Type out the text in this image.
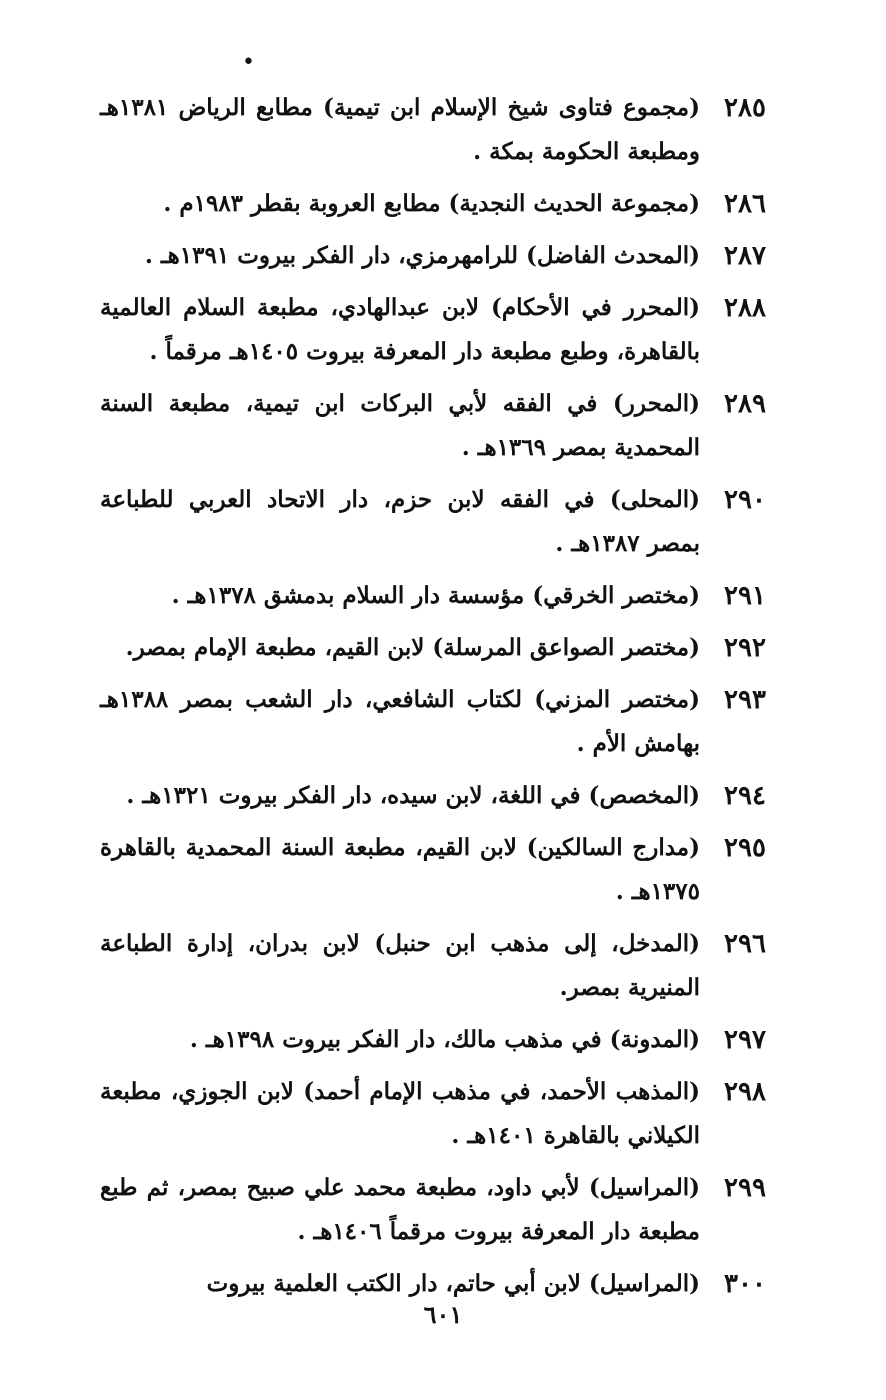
•
٢٨٥
(مجموع فتاوى شيخ الإسلام ابن تيمية) مطابع الرياض ١٣٨١هـ ومطبعة الحكومة بمكة .
٢٨٦
(مجموعة الحديث النجدية) مطابع العروبة بقطر ١٩٨٣م .
٢٨٧
(المحدث الفاضل) للرامهرمزي، دار الفكر بيروت ١٣٩١هـ .
٢٨٨
(المحرر في الأحكام) لابن عبدالهادي، مطبعة السلام العالمية بالقاهرة، وطبع مطبعة دار المعرفة بيروت ١٤٠٥هـ مرقماً .
٢٨٩
(المحرر) في الفقه لأبي البركات ابن تيمية، مطبعة السنة المحمدية بمصر ١٣٦٩هـ .
٢٩٠
(المحلى) في الفقه لابن حزم، دار الاتحاد العربي للطباعة بمصر ١٣٨٧هـ .
٢٩١
(مختصر الخرقي) مؤسسة دار السلام بدمشق ١٣٧٨هـ .
٢٩٢
(مختصر الصواعق المرسلة) لابن القيم، مطبعة الإمام بمصر.
٢٩٣
(مختصر المزني) لكتاب الشافعي، دار الشعب بمصر ١٣٨٨هـ بهامش الأم .
٢٩٤
(المخصص) في اللغة، لابن سيده، دار الفكر بيروت ١٣٢١هـ .
٢٩٥
(مدارج السالكين) لابن القيم، مطبعة السنة المحمدية بالقاهرة ١٣٧٥هـ .
٢٩٦
(المدخل، إلى مذهب ابن حنبل) لابن بدران، إدارة الطباعة المنيرية بمصر.
٢٩٧
(المدونة) في مذهب مالك، دار الفكر بيروت ١٣٩٨هـ .
٢٩٨
(المذهب الأحمد، في مذهب الإمام أحمد) لابن الجوزي، مطبعة الكيلاني بالقاهرة ١٤٠١هـ .
٢٩٩
(المراسيل) لأبي داود، مطبعة محمد علي صبيح بمصر، ثم طبع مطبعة دار المعرفة بيروت مرقماً ١٤٠٦هـ .
٣٠٠
(المراسيل) لابن أبي حاتم، دار الكتب العلمية بيروت
٦٠١
